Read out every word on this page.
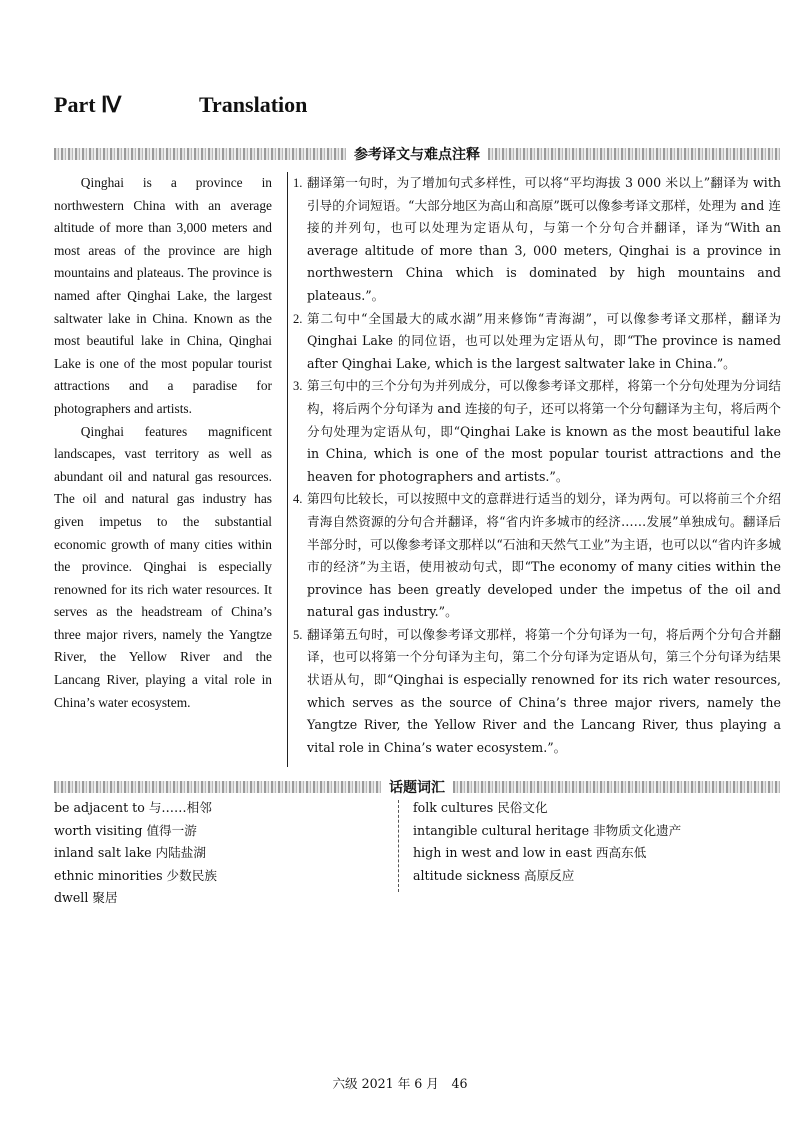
Part Ⅳ	Translation
参考译文与难点注释

Qinghai is a province in northwestern China with an average altitude of more than 3,000 meters and most areas of the province are high mountains and plateaus. The province is named after Qinghai Lake, the largest saltwater lake in China. Known as the most beautiful lake in China, Qinghai Lake is one of the most popular tourist attractions and a paradise for photographers and artists.

Qinghai features magnificent landscapes, vast territory as well as abundant oil and natural gas resources. The oil and natural gas industry has given impetus to the substantial economic growth of many cities within the province. Qinghai is especially renowned for its rich water resources. It serves as the headstream of China’s three major rivers, namely the Yangtze River, the Yellow River and the Lancang River, playing a vital role in China’s water ecosystem.

1. 翻译第一句时，为了增加句式多样性，可以将“平均海拔 3 000 米以上”翻译为 with 引导的介词短语。“大部分地区为高山和高原”既可以像参考译文那样，处理为 and 连接的并列句，也可以处理为定语从句，与第一个分句合并翻译，译为“With an average altitude of more than 3, 000 meters, Qinghai is a province in northwestern China which is dominated by high mountains and plateaus.”。
2. 第二句中“全国最大的咸水湖”用来修饰“青海湖”，可以像参考译文那样，翻译为 Qinghai Lake 的同位语，也可以处理为定语从句，即“The province is named after Qinghai Lake, which is the largest saltwater lake in China.”。
3. 第三句中的三个分句为并列成分，可以像参考译文那样，将第一个分句处理为分词结构，将后两个分句译为 and 连接的句子，还可以将第一个分句翻译为主句，将后两个分句处理为定语从句，即“Qinghai Lake is known as the most beautiful lake in China, which is one of the most popular tourist attractions and the heaven for photographers and artists.”。
4. 第四句比较长，可以按照中文的意群进行适当的划分，译为两句。可以将前三个介绍青海自然资源的分句合并翻译，将“省内许多城市的经济……发展”单独成句。翻译后半部分时，可以像参考译文那样以“石油和天然气工业”为主语，也可以以“省内许多城市的经济”为主语，使用被动句式，即“The economy of many cities within the province has been greatly developed under the impetus of the oil and natural gas industry.”。
5. 翻译第五句时，可以像参考译文那样，将第一个分句译为一句，将后两个分句合并翻译，也可以将第一个分句译为主句，第二个分句译为定语从句，第三个分句译为结果状语从句，即“Qinghai is especially renowned for its rich water resources, which serves as the source of China’s three major rivers, namely the Yangtze River, the Yellow River and the Lancang River, thus playing a vital role in China’s water ecosystem.”。
话题词汇
be adjacent to 与……相邻
worth visiting 值得一游
inland salt lake 内陆盐湖
ethnic minorities 少数民族
dwell 聚居
folk cultures 民俗文化
intangible cultural heritage 非物质文化遗产
high in west and low in east 西高东低
altitude sickness 高原反应
六级 2021 年 6 月　46
